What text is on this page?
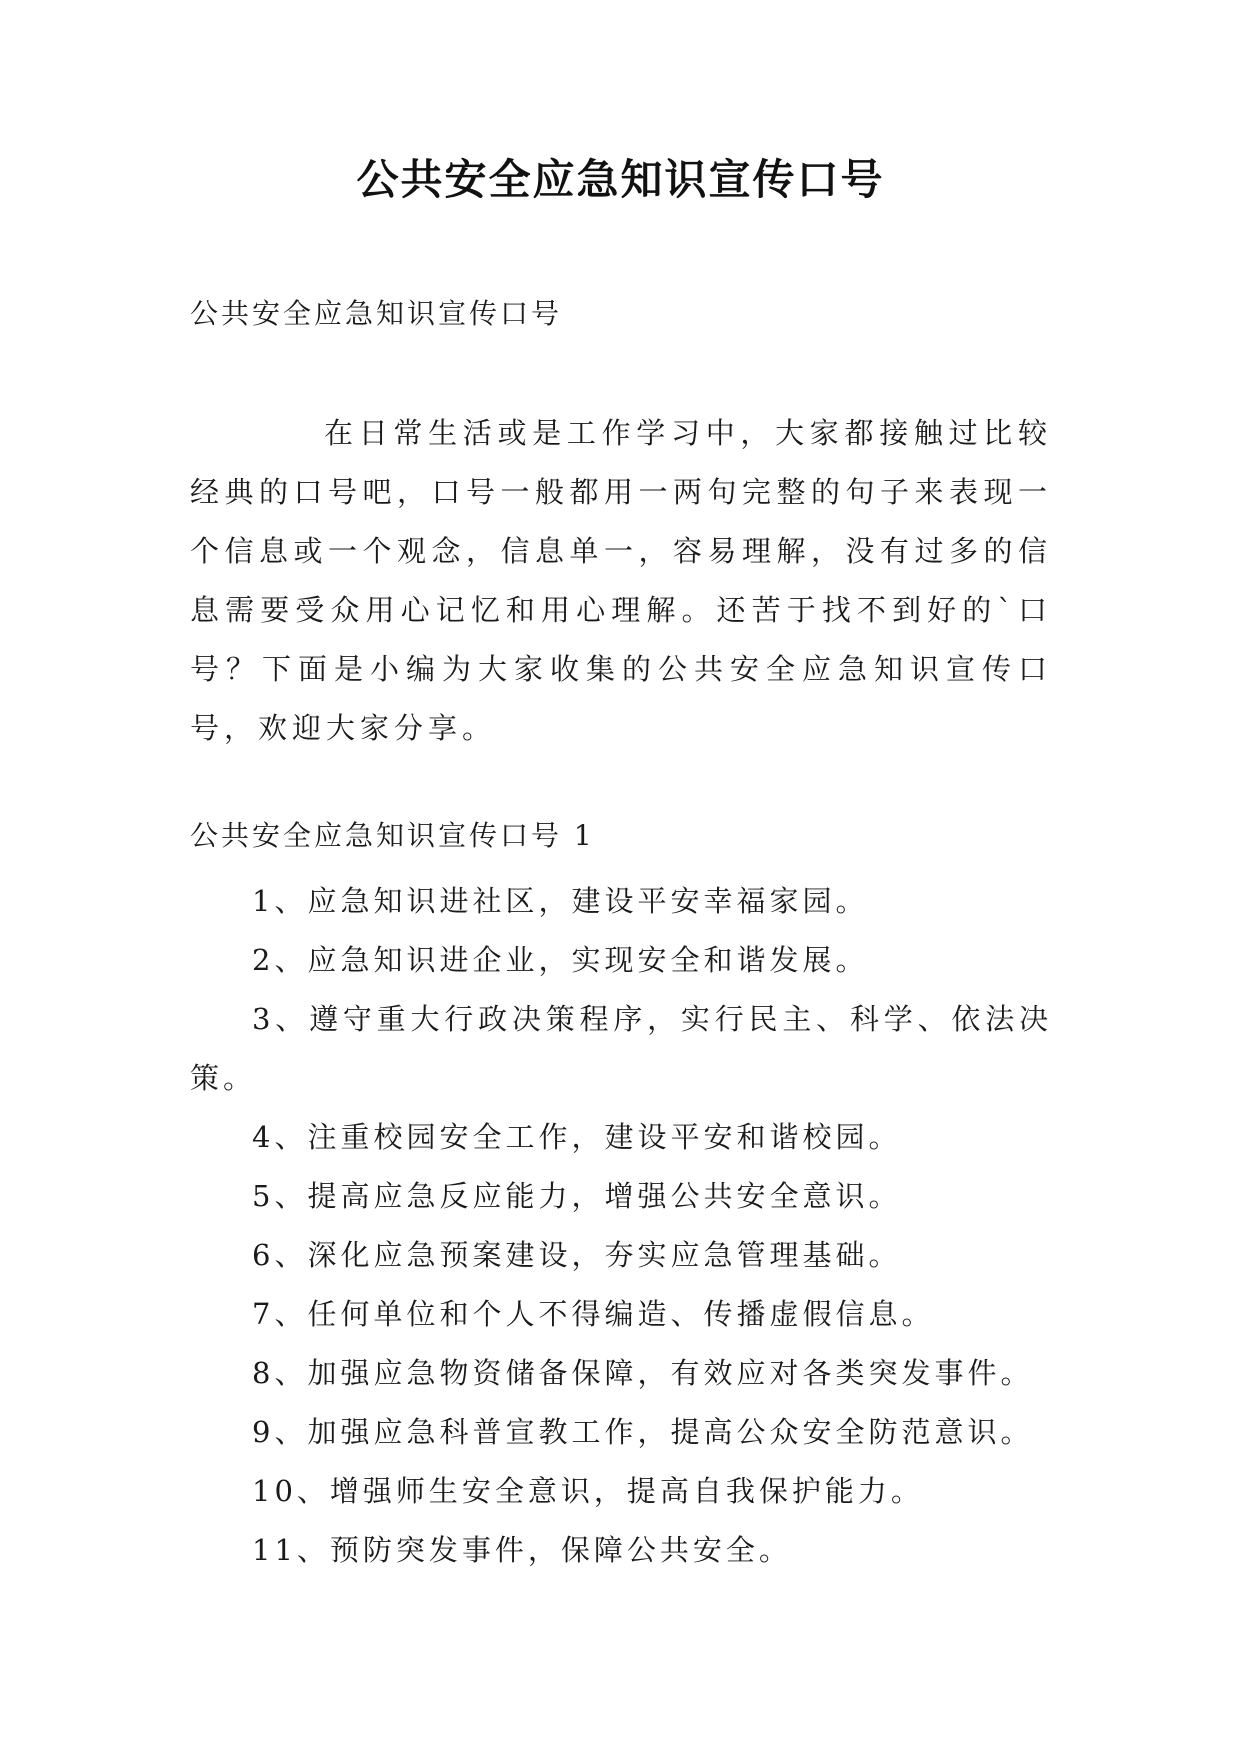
公共安全应急知识宣传口号
公共安全应急知识宣传口号

在日常生活或是工作学习中，大家都接触过比较经典的口号吧，口号一般都用一两句完整的句子来表现一个信息或一个观念，信息单一，容易理解，没有过多的信息需要受众用心记忆和用心理解。还苦于找不到好的`口号？下面是小编为大家收集的公共安全应急知识宣传口号，欢迎大家分享。

公共安全应急知识宣传口号 1
1、应急知识进社区，建设平安幸福家园。
2、应急知识进企业，实现安全和谐发展。
3、遵守重大行政决策程序，实行民主、科学、依法决策。
4、注重校园安全工作，建设平安和谐校园。
5、提高应急反应能力，增强公共安全意识。
6、深化应急预案建设，夯实应急管理基础。
7、任何单位和个人不得编造、传播虚假信息。
8、加强应急物资储备保障，有效应对各类突发事件。
9、加强应急科普宣教工作，提高公众安全防范意识。
10、增强师生安全意识，提高自我保护能力。
11、预防突发事件，保障公共安全。
